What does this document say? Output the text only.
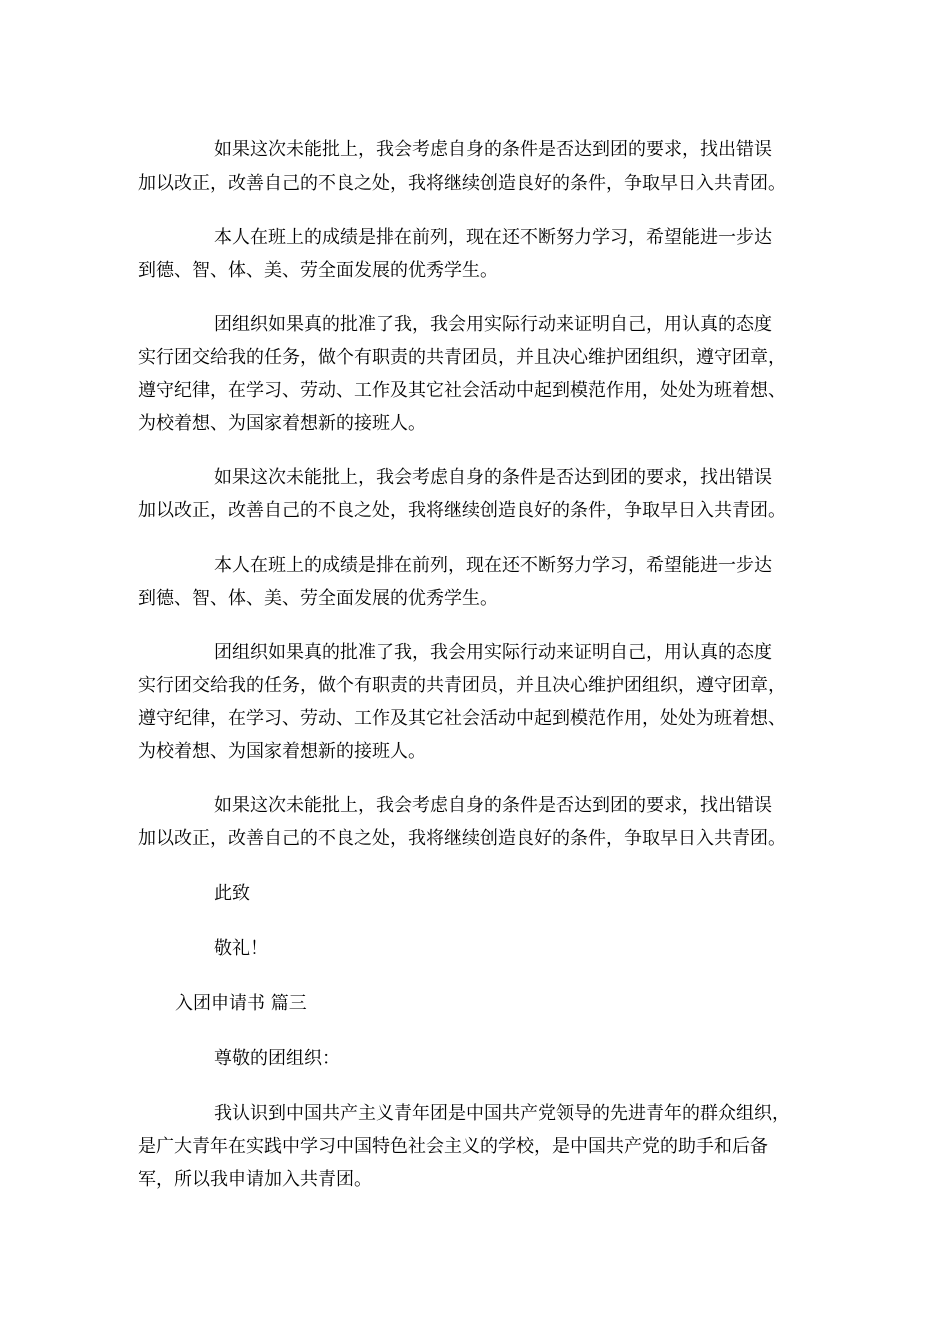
如果这次未能批上，我会考虑自身的条件是否达到团的要求，找出错误
加以改正，改善自己的不良之处，我将继续创造良好的条件，争取早日入共青团。
本人在班上的成绩是排在前列，现在还不断努力学习，希望能进一步达
到德、智、体、美、劳全面发展的优秀学生。
团组织如果真的批准了我，我会用实际行动来证明自己，用认真的态度
实行团交给我的任务，做个有职责的共青团员，并且决心维护团组织，遵守团章，
遵守纪律，在学习、劳动、工作及其它社会活动中起到模范作用，处处为班着想、
为校着想、为国家着想新的接班人。
如果这次未能批上，我会考虑自身的条件是否达到团的要求，找出错误
加以改正，改善自己的不良之处，我将继续创造良好的条件，争取早日入共青团。
本人在班上的成绩是排在前列，现在还不断努力学习，希望能进一步达
到德、智、体、美、劳全面发展的优秀学生。
团组织如果真的批准了我，我会用实际行动来证明自己，用认真的态度
实行团交给我的任务，做个有职责的共青团员，并且决心维护团组织，遵守团章，
遵守纪律，在学习、劳动、工作及其它社会活动中起到模范作用，处处为班着想、
为校着想、为国家着想新的接班人。
如果这次未能批上，我会考虑自身的条件是否达到团的要求，找出错误
加以改正，改善自己的不良之处，我将继续创造良好的条件，争取早日入共青团。
此致
敬礼！
入团申请书 篇三
尊敬的团组织：
我认识到中国共产主义青年团是中国共产党领导的先进青年的群众组织，
是广大青年在实践中学习中国特色社会主义的学校，是中国共产党的助手和后备
军，所以我申请加入共青团。
